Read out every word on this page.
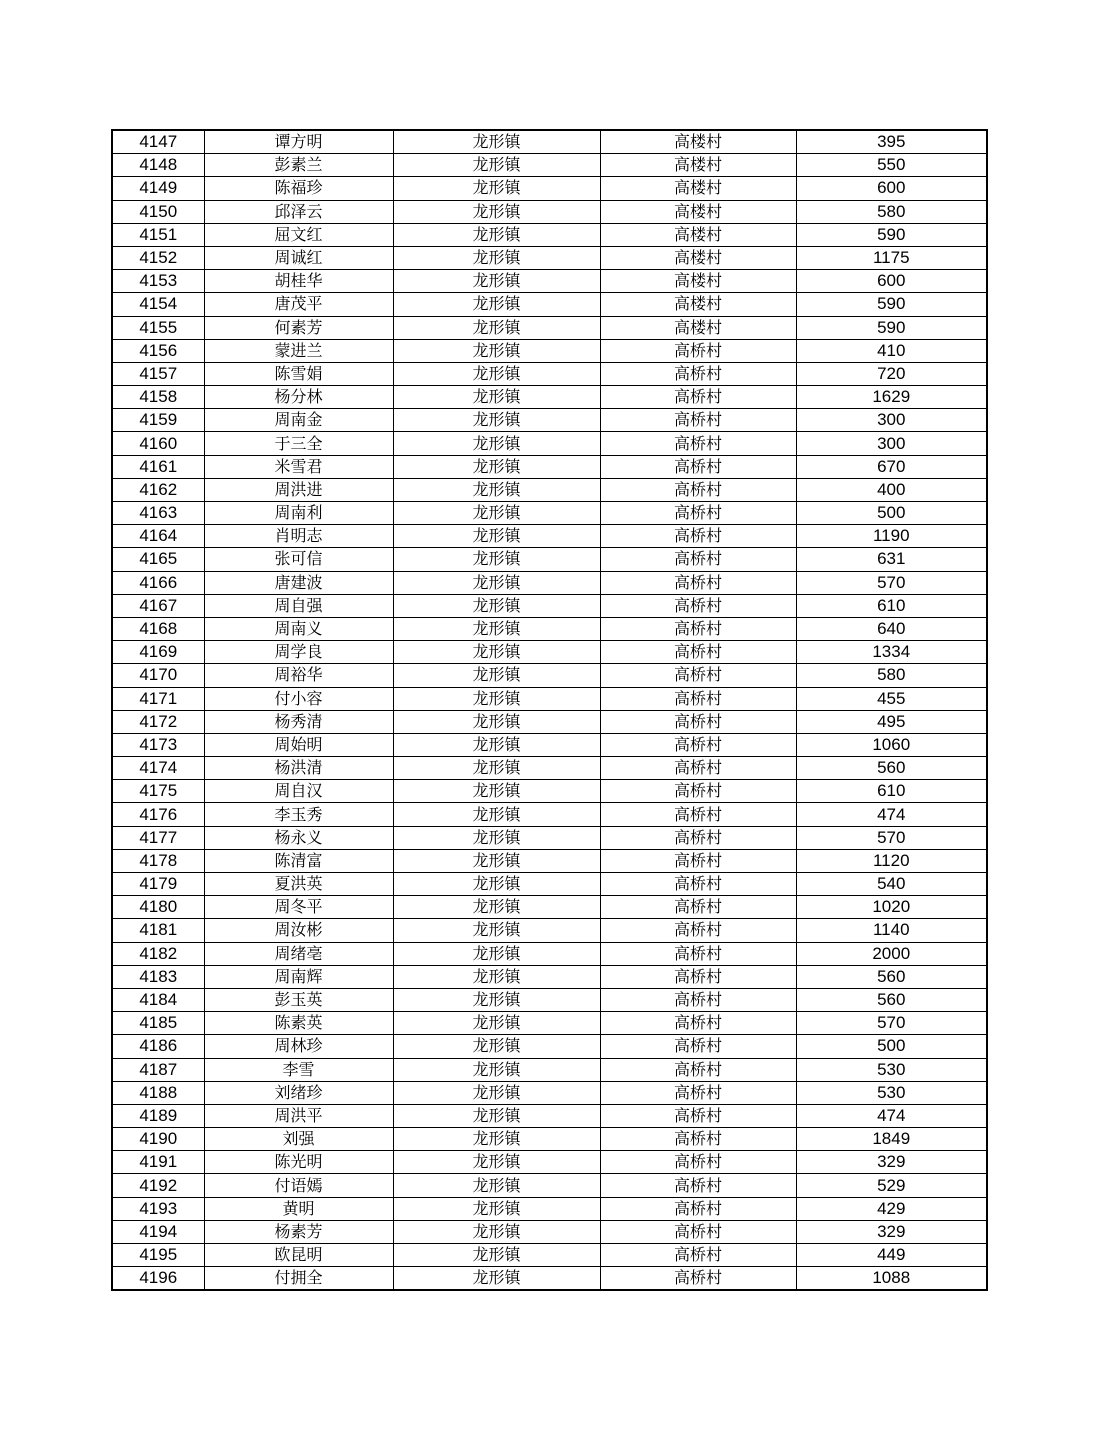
4147	谭方明	龙形镇	高楼村	395
4148	彭素兰	龙形镇	高楼村	550
4149	陈福珍	龙形镇	高楼村	600
4150	邱泽云	龙形镇	高楼村	580
4151	屈文红	龙形镇	高楼村	590
4152	周诚红	龙形镇	高楼村	1175
4153	胡桂华	龙形镇	高楼村	600
4154	唐茂平	龙形镇	高楼村	590
4155	何素芳	龙形镇	高楼村	590
4156	蒙进兰	龙形镇	高桥村	410
4157	陈雪娟	龙形镇	高桥村	720
4158	杨分林	龙形镇	高桥村	1629
4159	周南金	龙形镇	高桥村	300
4160	于三全	龙形镇	高桥村	300
4161	米雪君	龙形镇	高桥村	670
4162	周洪进	龙形镇	高桥村	400
4163	周南利	龙形镇	高桥村	500
4164	肖明志	龙形镇	高桥村	1190
4165	张可信	龙形镇	高桥村	631
4166	唐建波	龙形镇	高桥村	570
4167	周自强	龙形镇	高桥村	610
4168	周南义	龙形镇	高桥村	640
4169	周学良	龙形镇	高桥村	1334
4170	周裕华	龙形镇	高桥村	580
4171	付小容	龙形镇	高桥村	455
4172	杨秀清	龙形镇	高桥村	495
4173	周始明	龙形镇	高桥村	1060
4174	杨洪清	龙形镇	高桥村	560
4175	周自汉	龙形镇	高桥村	610
4176	李玉秀	龙形镇	高桥村	474
4177	杨永义	龙形镇	高桥村	570
4178	陈清富	龙形镇	高桥村	1120
4179	夏洪英	龙形镇	高桥村	540
4180	周冬平	龙形镇	高桥村	1020
4181	周汝彬	龙形镇	高桥村	1140
4182	周绪亳	龙形镇	高桥村	2000
4183	周南辉	龙形镇	高桥村	560
4184	彭玉英	龙形镇	高桥村	560
4185	陈素英	龙形镇	高桥村	570
4186	周林珍	龙形镇	高桥村	500
4187	李雪	龙形镇	高桥村	530
4188	刘绪珍	龙形镇	高桥村	530
4189	周洪平	龙形镇	高桥村	474
4190	刘强	龙形镇	高桥村	1849
4191	陈光明	龙形镇	高桥村	329
4192	付语嫣	龙形镇	高桥村	529
4193	黄明	龙形镇	高桥村	429
4194	杨素芳	龙形镇	高桥村	329
4195	欧昆明	龙形镇	高桥村	449
4196	付拥全	龙形镇	高桥村	1088
